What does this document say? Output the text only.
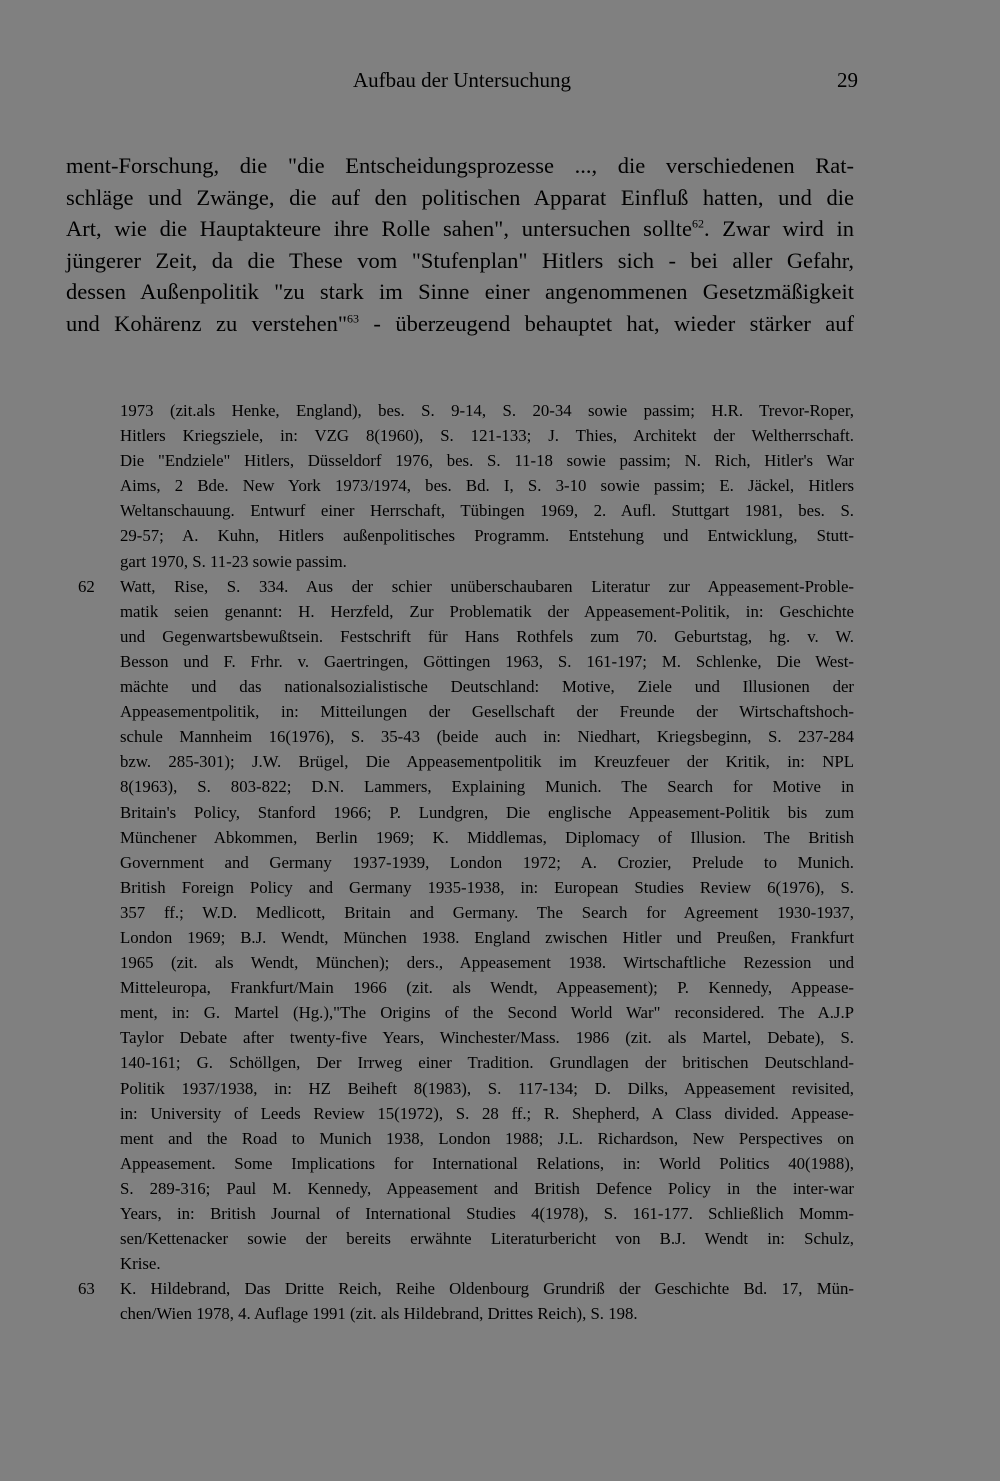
Aufbau der Untersuchung	29
ment-Forschung, die "die Entscheidungsprozesse ..., die verschiedenen Rat-
schläge und Zwänge, die auf den politischen Apparat Einfluß hatten, und die
Art, wie die Hauptakteure ihre Rolle sahen", untersuchen sollte$^{62}$. Zwar wird in
jüngerer Zeit, da die These vom "Stufenplan" Hitlers sich - bei aller Gefahr,
dessen Außenpolitik "zu stark im Sinne einer angenommenen Gesetzmäßigkeit
und Kohärenz zu verstehen"$^{63}$ - überzeugend behauptet hat, wieder stärker auf
1973 (zit.als Henke, England), bes. S. 9-14, S. 20-34 sowie passim; H.R. Trevor-Roper,
Hitlers Kriegsziele, in: VZG 8(1960), S. 121-133; J. Thies, Architekt der Weltherrschaft.
Die "Endziele" Hitlers, Düsseldorf 1976, bes. S. 11-18 sowie passim; N. Rich, Hitler's War
Aims, 2 Bde. New York 1973/1974, bes. Bd. I, S. 3-10 sowie passim; E. Jäckel, Hitlers
Weltanschauung. Entwurf einer Herrschaft, Tübingen 1969, 2. Aufl. Stuttgart 1981, bes. S.
29-57; A. Kuhn, Hitlers außenpolitisches Programm. Entstehung und Entwicklung, Stutt-
gart 1970, S. 11-23 sowie passim.
62 Watt, Rise, S. 334. Aus der schier unüberschaubaren Literatur zur Appeasement-Proble-
matik seien genannt: H. Herzfeld, Zur Problematik der Appeasement-Politik, in: Geschichte
und Gegenwartsbewußtsein. Festschrift für Hans Rothfels zum 70. Geburtstag, hg. v. W.
Besson und F. Frhr. v. Gaertringen, Göttingen 1963, S. 161-197; M. Schlenke, Die West-
mächte und das nationalsozialistische Deutschland: Motive, Ziele und Illusionen der
Appeasementpolitik, in: Mitteilungen der Gesellschaft der Freunde der Wirtschaftshoch-
schule Mannheim 16(1976), S. 35-43 (beide auch in: Niedhart, Kriegsbeginn, S. 237-284
bzw. 285-301); J.W. Brügel, Die Appeasementpolitik im Kreuzfeuer der Kritik, in: NPL
8(1963), S. 803-822; D.N. Lammers, Explaining Munich. The Search for Motive in
Britain's Policy, Stanford 1966; P. Lundgren, Die englische Appeasement-Politik bis zum
Münchener Abkommen, Berlin 1969; K. Middlemas, Diplomacy of Illusion. The British
Government and Germany 1937-1939, London 1972; A. Crozier, Prelude to Munich.
British Foreign Policy and Germany 1935-1938, in: European Studies Review 6(1976), S.
357 ff.; W.D. Medlicott, Britain and Germany. The Search for Agreement 1930-1937,
London 1969; B.J. Wendt, München 1938. England zwischen Hitler und Preußen, Frankfurt
1965 (zit. als Wendt, München); ders., Appeasement 1938. Wirtschaftliche Rezession und
Mitteleuropa, Frankfurt/Main 1966 (zit. als Wendt, Appeasement); P. Kennedy, Appease-
ment, in: G. Martel (Hg.),"The Origins of the Second World War" reconsidered. The A.J.P
Taylor Debate after twenty-five Years, Winchester/Mass. 1986 (zit. als Martel, Debate), S.
140-161; G. Schöllgen, Der Irrweg einer Tradition. Grundlagen der britischen Deutschland-
Politik 1937/1938, in: HZ Beiheft 8(1983), S. 117-134; D. Dilks, Appeasement revisited,
in: University of Leeds Review 15(1972), S. 28 ff.; R. Shepherd, A Class divided. Appease-
ment and the Road to Munich 1938, London 1988; J.L. Richardson, New Perspectives on
Appeasement. Some Implications for International Relations, in: World Politics 40(1988),
S. 289-316; Paul M. Kennedy, Appeasement and British Defence Policy in the inter-war
Years, in: British Journal of International Studies 4(1978), S. 161-177. Schließlich Momm-
sen/Kettenacker sowie der bereits erwähnte Literaturbericht von B.J. Wendt in: Schulz,
Krise.
63 K. Hildebrand, Das Dritte Reich, Reihe Oldenbourg Grundriß der Geschichte Bd. 17, Mün-
chen/Wien 1978, 4. Auflage 1991 (zit. als Hildebrand, Drittes Reich), S. 198.
